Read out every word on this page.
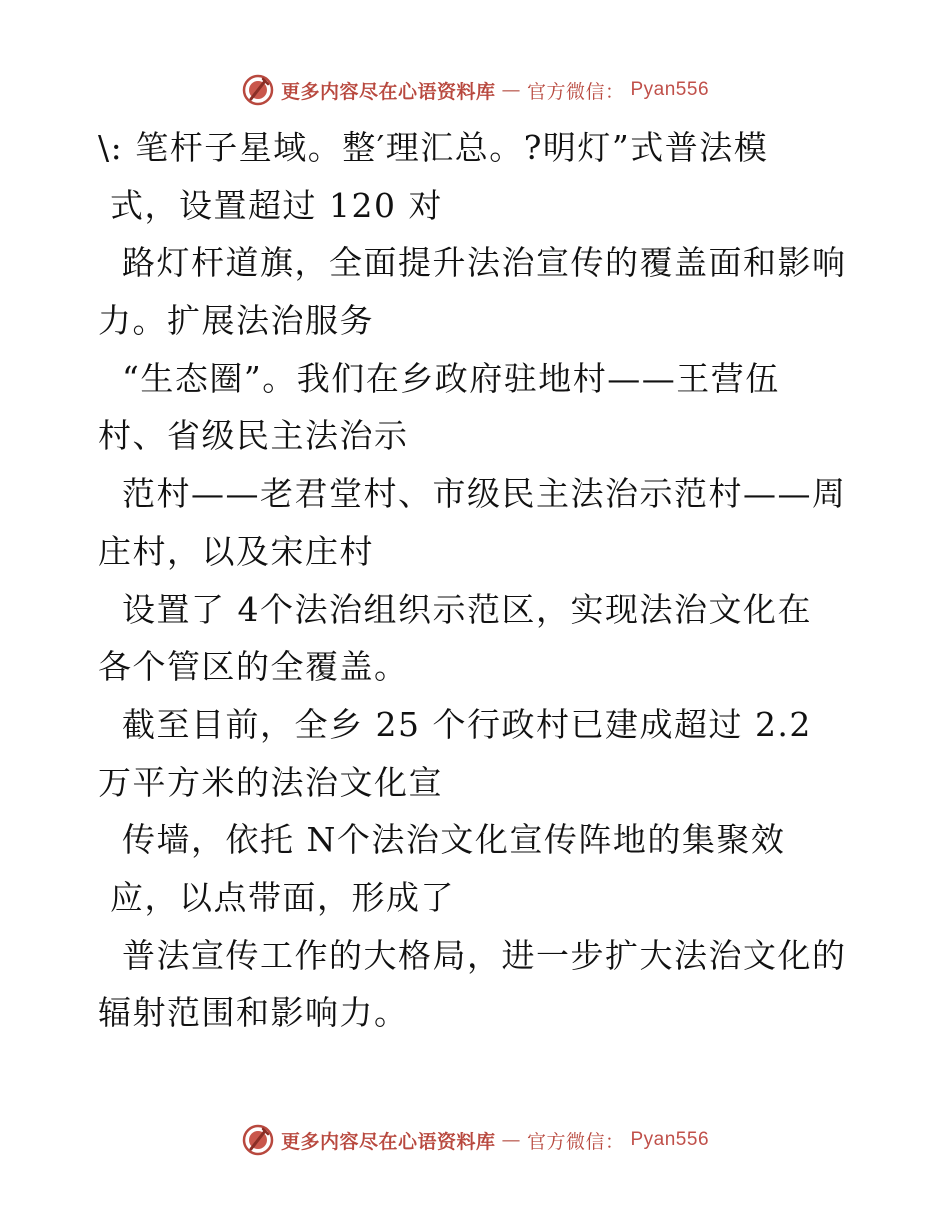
更多内容尽在心语资料库 — 官方微信： Pyan556
\: 笔杆子星域。整′理汇总。?明灯”式普法模
式，设置超过 120 对
路灯杆道旗，全面提升法治宣传的覆盖面和影响
力。扩展法治服务
“生态圈”。我们在乡政府驻地村——王营伍
村、省级民主法治示
范村——老君堂村、市级民主法治示范村——周
庄村，以及宋庄村
设置了 4个法治组织示范区，实现法治文化在
各个管区的全覆盖。
截至目前，全乡 25 个行政村已建成超过 2.2
万平方米的法治文化宣
传墙，依托 N个法治文化宣传阵地的集聚效
应，以点带面，形成了
普法宣传工作的大格局，进一步扩大法治文化的
辐射范围和影响力。
更多内容尽在心语资料库 — 官方微信： Pyan556
